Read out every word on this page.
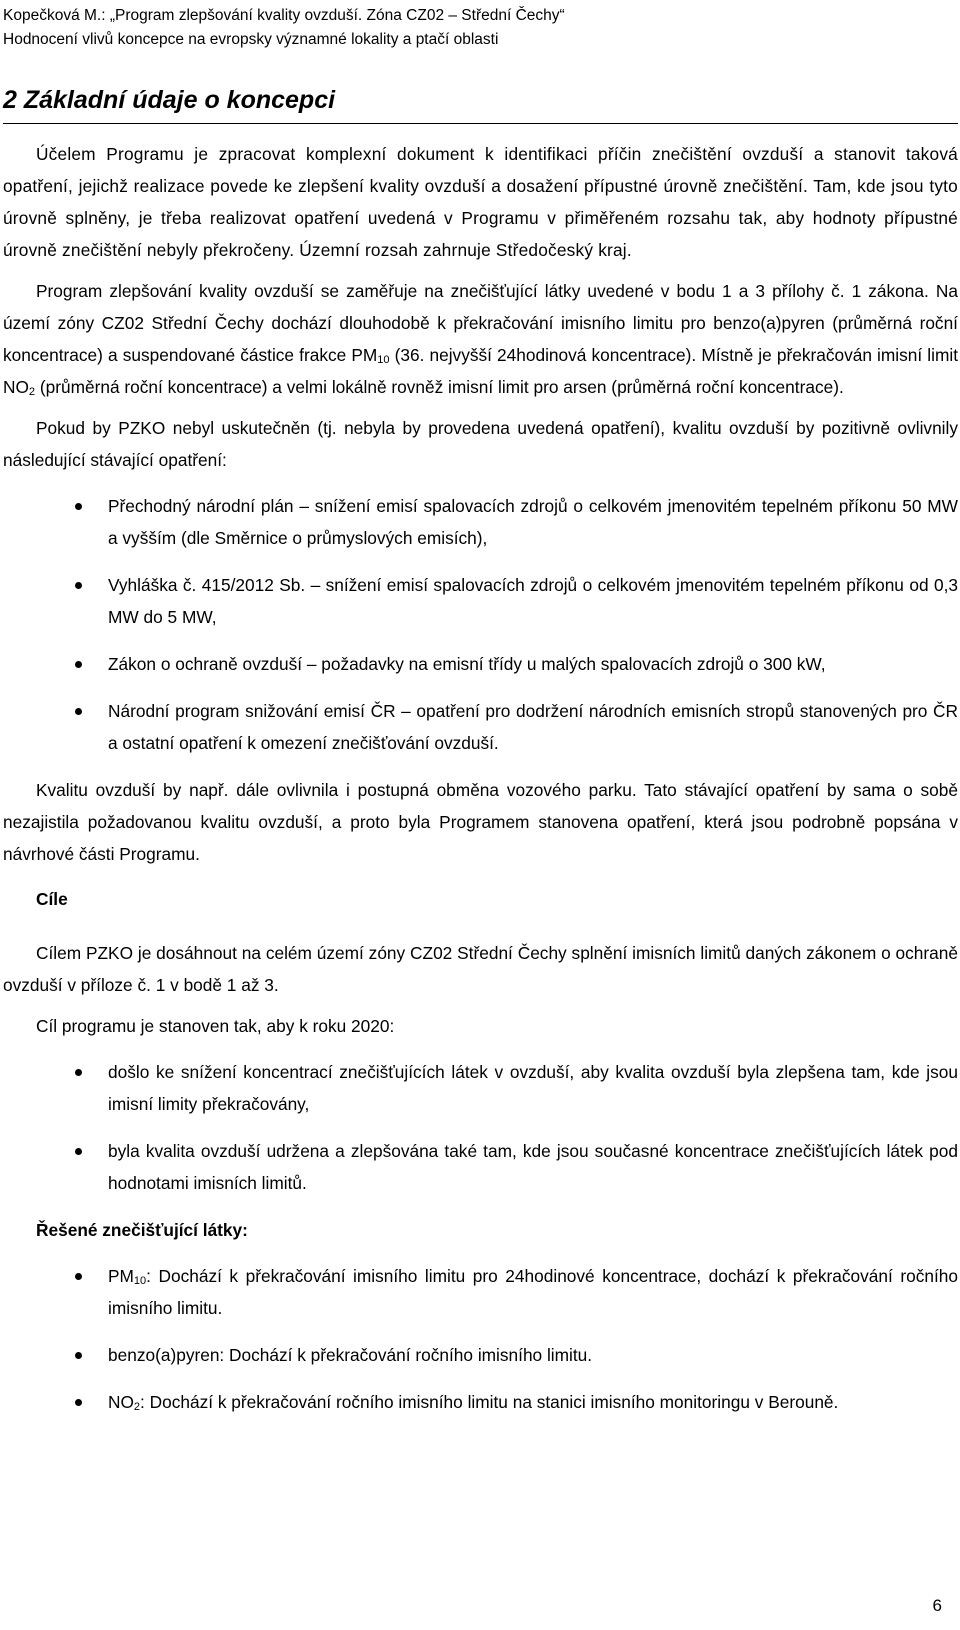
Kopečková M.: „Program zlepšování kvality ovzduší. Zóna CZ02 – Střední Čechy“
Hodnocení vlivů koncepce na evropsky významné lokality a ptačí oblasti
2 Základní údaje o koncepci

Účelem Programu je zpracovat komplexní dokument k identifikaci příčin znečištění ovzduší a stanovit taková opatření, jejichž realizace povede ke zlepšení kvality ovzduší a dosažení přípustné úrovně znečištění. Tam, kde jsou tyto úrovně splněny, je třeba realizovat opatření uvedená v Programu v přiměřeném rozsahu tak, aby hodnoty přípustné úrovně znečištění nebyly překročeny. Územní rozsah zahrnuje Středočeský kraj.

Program zlepšování kvality ovzduší se zaměřuje na znečišťující látky uvedené v bodu 1 a 3 přílohy č. 1 zákona. Na území zóny CZ02 Střední Čechy dochází dlouhodobě k překračování imisního limitu pro benzo(a)pyren (průměrná roční koncentrace) a suspendované částice frakce $PM_{10}$ (36. nejvyšší 24hodinová koncentrace). Místně je překračován imisní limit $NO_2$ (průměrná roční koncentrace) a velmi lokálně rovněž imisní limit pro arsen (průměrná roční koncentrace).

Pokud by PZKO nebyl uskutečněn (tj. nebyla by provedena uvedená opatření), kvalitu ovzduší by pozitivně ovlivnily následující stávající opatření:

Přechodný národní plán – snížení emisí spalovacích zdrojů o celkovém jmenovitém tepelném příkonu 50 MW a vyšším (dle Směrnice o průmyslových emisích),
Vyhláška č. 415/2012 Sb. – snížení emisí spalovacích zdrojů o celkovém jmenovitém tepelném příkonu od 0,3 MW do 5 MW,
Zákon o ochraně ovzduší – požadavky na emisní třídy u malých spalovacích zdrojů o 300 kW,
Národní program snižování emisí ČR – opatření pro dodržení národních emisních stropů stanovených pro ČR a ostatní opatření k omezení znečišťování ovzduší.

Kvalitu ovzduší by např. dále ovlivnila i postupná obměna vozového parku. Tato stávající opatření by sama o sobě nezajistila požadovanou kvalitu ovzduší, a proto byla Programem stanovena opatření, která jsou podrobně popsána v návrhové části Programu.

Cíle

Cílem PZKO je dosáhnout na celém území zóny CZ02 Střední Čechy splnění imisních limitů daných zákonem o ochraně ovzduší v příloze č. 1 v bodě 1 až 3.

Cíl programu je stanoven tak, aby k roku 2020:

došlo ke snížení koncentrací znečišťujících látek v ovzduší, aby kvalita ovzduší byla zlepšena tam, kde jsou imisní limity překračovány,
byla kvalita ovzduší udržena a zlepšována také tam, kde jsou současné koncentrace znečišťujících látek pod hodnotami imisních limitů.
Řešené znečišťující látky:
$PM_{10}$: Dochází k překračování imisního limitu pro 24hodinové koncentrace, dochází k překračování ročního imisního limitu.
benzo(a)pyren: Dochází k překračování ročního imisního limitu.
$NO_2$: Dochází k překračování ročního imisního limitu na stanici imisního monitoringu v Berouně.
6
